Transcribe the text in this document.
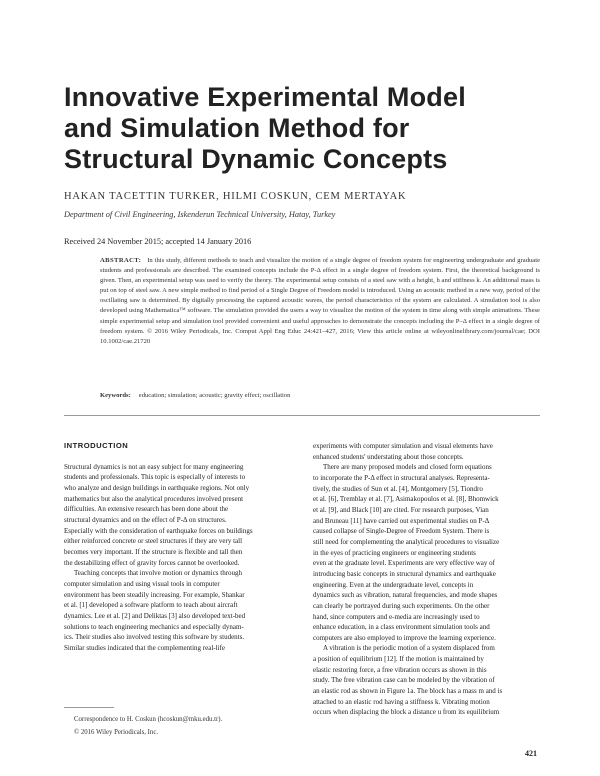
Innovative Experimental Model
and Simulation Method for
Structural Dynamic Concepts
HAKAN TACETTIN TURKER, HILMI COSKUN, CEM MERTAYAK
Department of Civil Engineering, Iskenderun Technical University, Hatay, Turkey
Received 24 November 2015; accepted 14 January 2016
ABSTRACT: In this study, different methods to teach and visualize the motion of a single degree of freedom system for engineering undergraduate and graduate students and professionals are described. The examined concepts include the P-Δ effect in a single degree of freedom system. First, the theoretical background is given. Then, an experimental setup was used to verify the theory. The experimental setup consists of a steel saw with a height, h and stiffness k. An additional mass is put on top of steel saw. A new simple method to find period of a Single Degree of Freedom model is introduced. Using an acoustic method in a new way, period of the oscillating saw is determined. By digitally processing the captured acoustic waves, the period characteristics of the system are calculated. A simulation tool is also developed using Mathematica™ software. The simulation provided the users a way to visualize the motion of the system in time along with simple animations. These simple experimental setup and simulation tool provided convenient and useful approaches to demonstrate the concepts including the P–Δ effect in a single degree of freedom system. © 2016 Wiley Periodicals, Inc. Comput Appl Eng Educ 24:421–427, 2016; View this article online at wileyonlinelibrary.com/journal/cae; DOI 10.1002/cae.21720
Keywords: education; simulation; acoustic; gravity effect; oscillation
INTRODUCTION

Structural dynamics is not an easy subject for many engineering
students and professionals. This topic is especially of interests to
who analyze and design buildings in earthquake regions. Not only
mathematics but also the analytical procedures involved present
difficulties. An extensive research has been done about the
structural dynamics and on the effect of P-Δ on structures.
Especially with the consideration of earthquake forces on buildings
either reinforced concrete or steel structures if they are very tall
becomes very important. If the structure is flexible and tall then
the destabilizing effect of gravity forces cannot be overlooked.

Teaching concepts that involve motion or dynamics through
computer simulation and using visual tools in computer
environment has been steadily increasing. For example, Shankar
et al. [1] developed a software platform to teach about aircraft
dynamics. Lee et al. [2] and Deliktas [3] also developed text-bed
solutions to teach engineering mechanics and especially dynam-
ics. Their studies also involved testing this software by students.
Similar studies indicated that the complementing real-life

experiments with computer simulation and visual elements have
enhanced students' understating about those concepts.

There are many proposed models and closed form equations
to incorporate the P-Δ effect in structural analyses. Representa-
tively, the studies of Sun et al. [4], Montgomery [5], Tiondro
et al. [6], Tremblay et al. [7], Asimakopoulos et al. [8], Bhomwick
et al. [9], and Black [10] are cited. For research purposes, Vian
and Bruneau [11] have carried out experimental studies on P-Δ
caused collapse of Single-Degree of Freedom System. There is
still need for complementing the analytical procedures to visualize
in the eyes of practicing engineers or engineering students
even at the graduate level. Experiments are very effective way of
introducing basic concepts in structural dynamics and earthquake
engineering. Even at the undergraduate level, concepts in
dynamics such as vibration, natural frequencies, and mode shapes
can clearly be portrayed during such experiments. On the other
hand, since computers and e-media are increasingly used to
enhance education, in a class environment simulation tools and
computers are also employed to improve the learning experience.

A vibration is the periodic motion of a system displaced from
a position of equilibrium [12]. If the motion is maintained by
elastic restoring force, a free vibration occurs as shown in this
study. The free vibration case can be modeled by the vibration of
an elastic rod as shown in Figure 1a. The block has a mass m and is
attached to an elastic rod having a stiffness k. Vibrating motion
occurs when displacing the block a distance u from its equilibrium

Correspondence to H. Coskun (hcoskun@mku.edu.tr).
© 2016 Wiley Periodicals, Inc.
421
